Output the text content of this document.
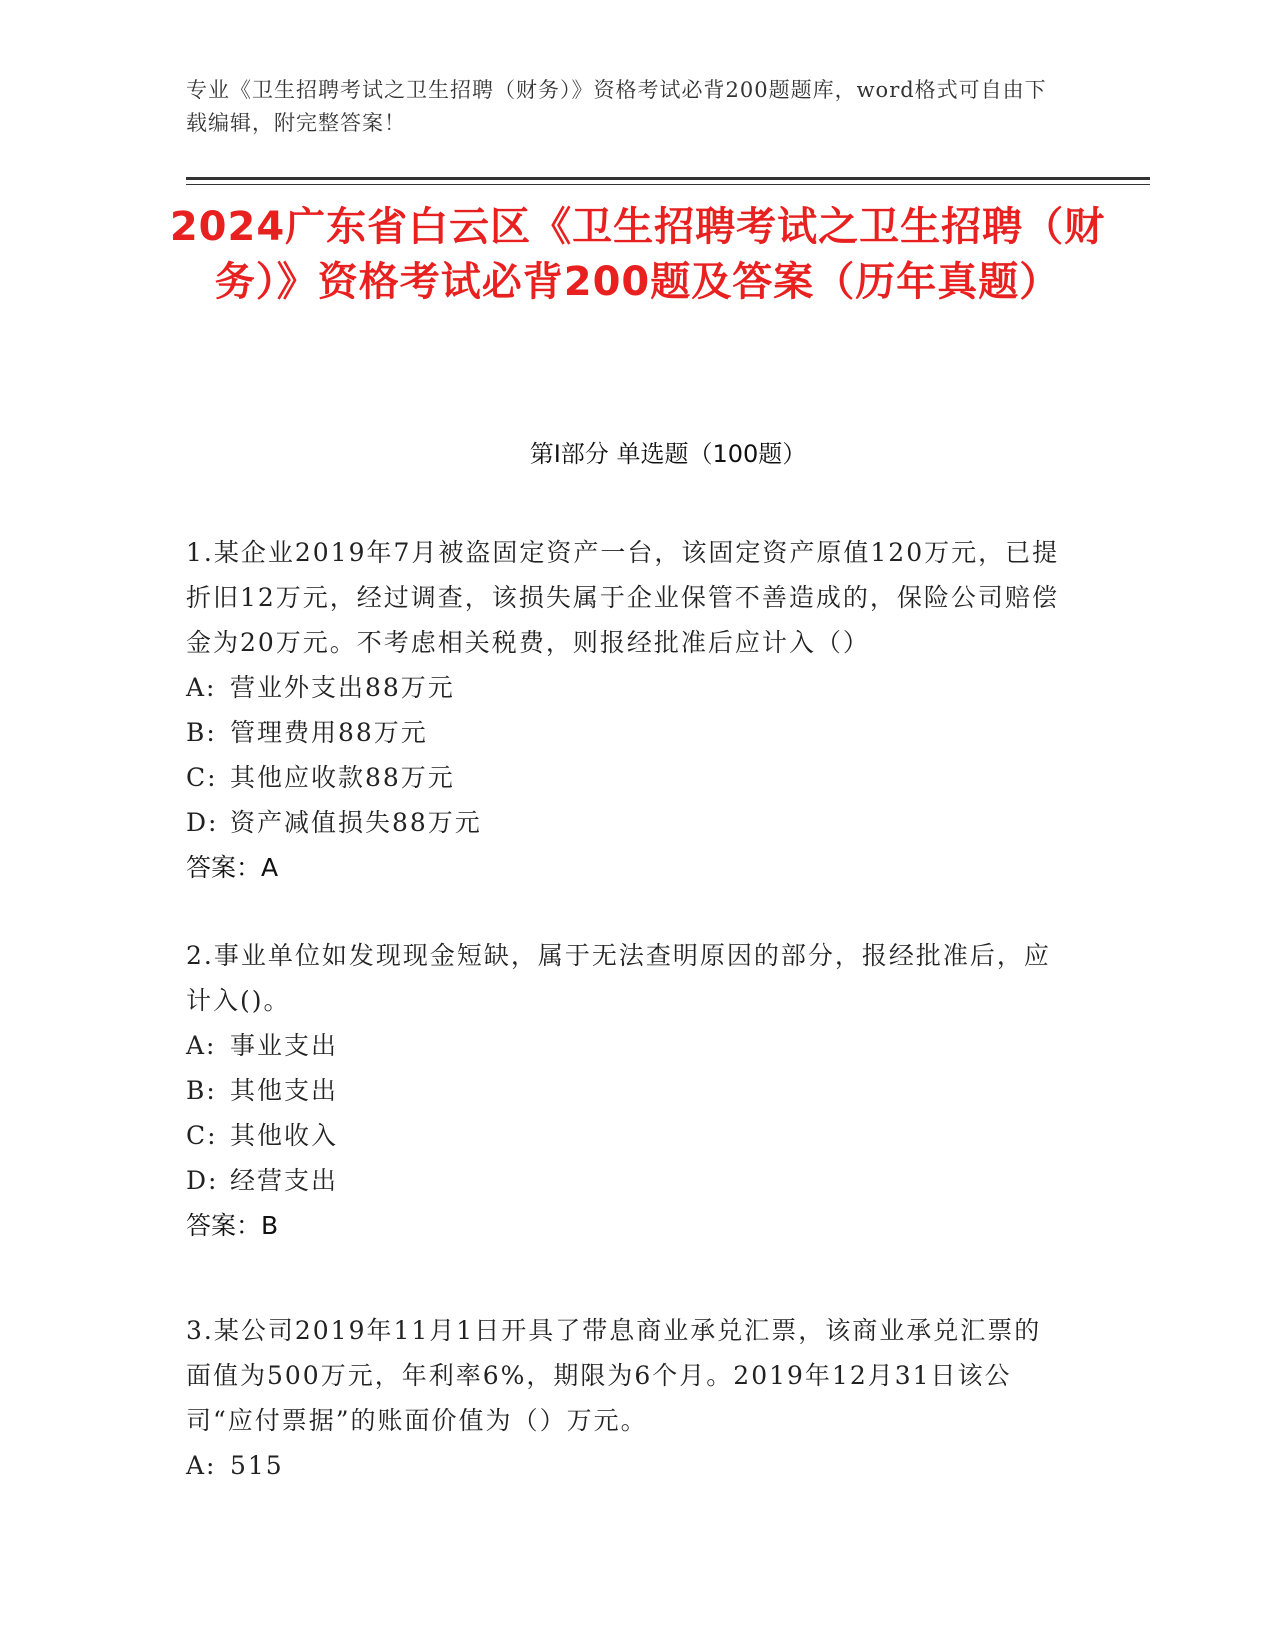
专业《卫生招聘考试之卫生招聘（财务）》资格考试必背200题题库，word格式可自由下载编辑，附完整答案！
2024广东省白云区《卫生招聘考试之卫生招聘（财务）》资格考试必背200题及答案（历年真题）
第Ⅰ部分 单选题（100题）
1.某企业2019年7月被盗固定资产一台，该固定资产原值120万元，已提折旧12万元，经过调查，该损失属于企业保管不善造成的，保险公司赔偿金为20万元。不考虑相关税费，则报经批准后应计入（）
A: 营业外支出88万元
B: 管理费用88万元
C: 其他应收款88万元
D: 资产减值损失88万元
答案：A
2.事业单位如发现现金短缺，属于无法查明原因的部分，报经批准后，应计入()。
A: 事业支出
B: 其他支出
C: 其他收入
D: 经营支出
答案：B
3.某公司2019年11月1日开具了带息商业承兑汇票，该商业承兑汇票的面值为500万元，年利率6%，期限为6个月。2019年12月31日该公司“应付票据”的账面价值为（）万元。
A: 515
